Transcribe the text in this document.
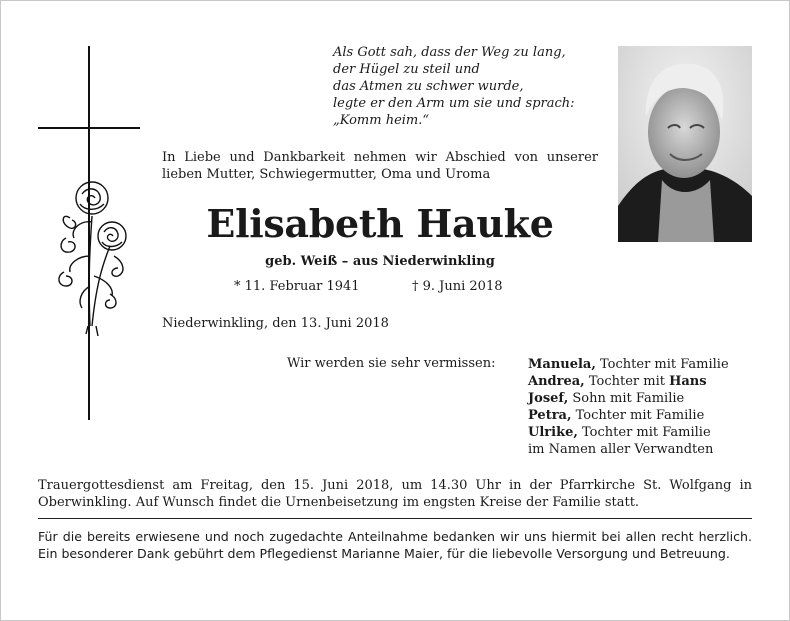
Als Gott sah, dass der Weg zu lang,
der Hügel zu steil und
das Atmen zu schwer wurde,
legte er den Arm um sie und sprach:
„Komm heim.“
In Liebe und Dankbarkeit nehmen wir Abschied von unserer lieben Mutter, Schwiegermutter, Oma und Uroma
Elisabeth Hauke
geb. Weiß – aus Niederwinkling
* 11. Februar 1941	† 9. Juni 2018
Niederwinkling, den 13. Juni 2018
Wir werden sie sehr vermissen:	Manuela, Tochter mit Familie
Andrea, Tochter mit Hans
Josef, Sohn mit Familie
Petra, Tochter mit Familie
Ulrike, Tochter mit Familie
im Namen aller Verwandten
Trauergottesdienst am Freitag, den 15. Juni 2018, um 14.30 Uhr in der Pfarrkirche St. Wolfgang in Oberwinkling. Auf Wunsch findet die Urnenbeisetzung im engsten Kreise der Familie statt.
Für die bereits erwiesene und noch zugedachte Anteilnahme bedanken wir uns hiermit bei allen recht herzlich. Ein besonderer Dank gebührt dem Pflegedienst Marianne Maier, für die liebevolle Versorgung und Betreuung.
